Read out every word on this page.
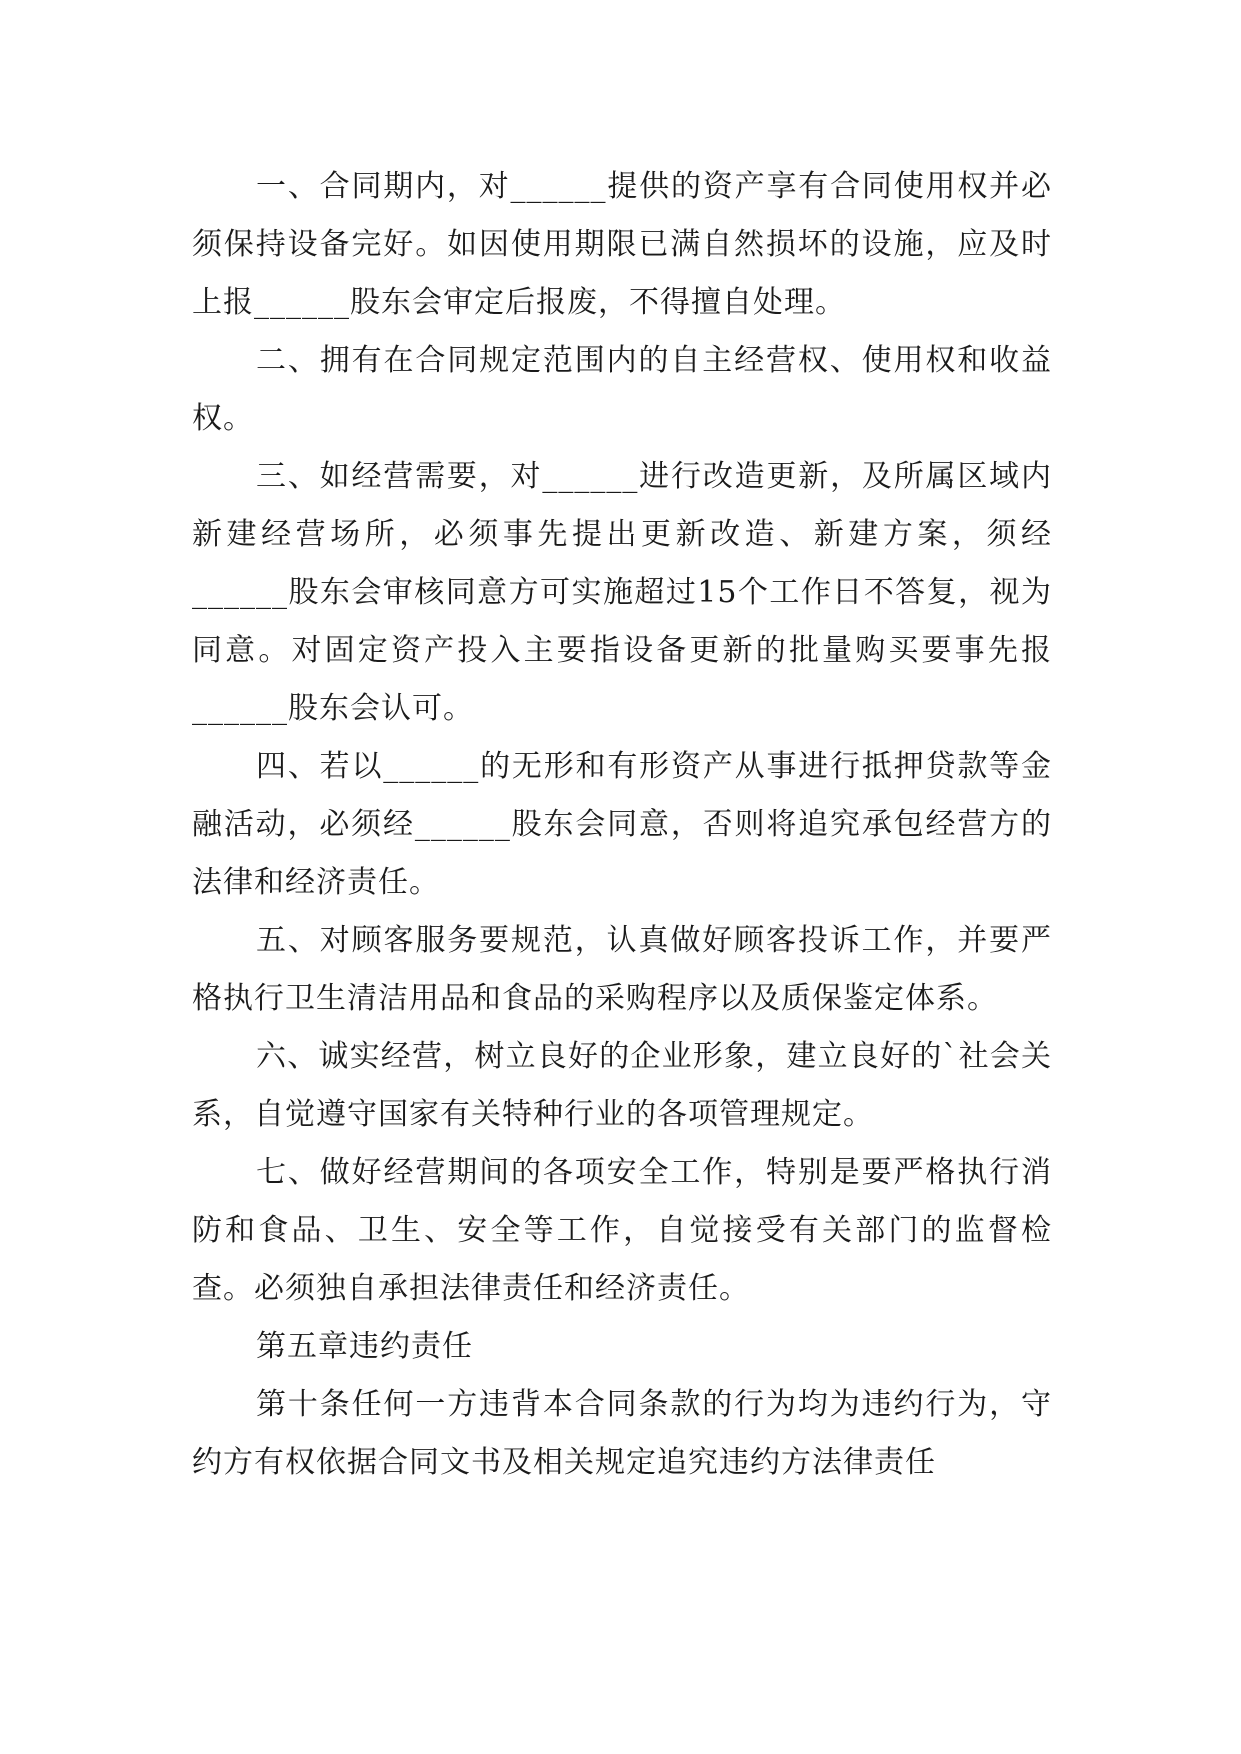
一、合同期内，对______提供的资产享有合同使用权并必须保持设备完好。如因使用期限已满自然损坏的设施，应及时上报______股东会审定后报废，不得擅自处理。

二、拥有在合同规定范围内的自主经营权、使用权和收益权。

三、如经营需要，对______进行改造更新，及所属区域内新建经营场所，必须事先提出更新改造、新建方案，须经______股东会审核同意方可实施超过15个工作日不答复，视为同意。对固定资产投入主要指设备更新的批量购买要事先报______股东会认可。

四、若以______的无形和有形资产从事进行抵押贷款等金融活动，必须经______股东会同意，否则将追究承包经营方的法律和经济责任。

五、对顾客服务要规范，认真做好顾客投诉工作，并要严格执行卫生清洁用品和食品的采购程序以及质保鉴定体系。

六、诚实经营，树立良好的企业形象，建立良好的`社会关系，自觉遵守国家有关特种行业的各项管理规定。

七、做好经营期间的各项安全工作，特别是要严格执行消防和食品、卫生、安全等工作，自觉接受有关部门的监督检查。必须独自承担法律责任和经济责任。

第五章违约责任

第十条任何一方违背本合同条款的行为均为违约行为，守约方有权依据合同文书及相关规定追究违约方法律责任
